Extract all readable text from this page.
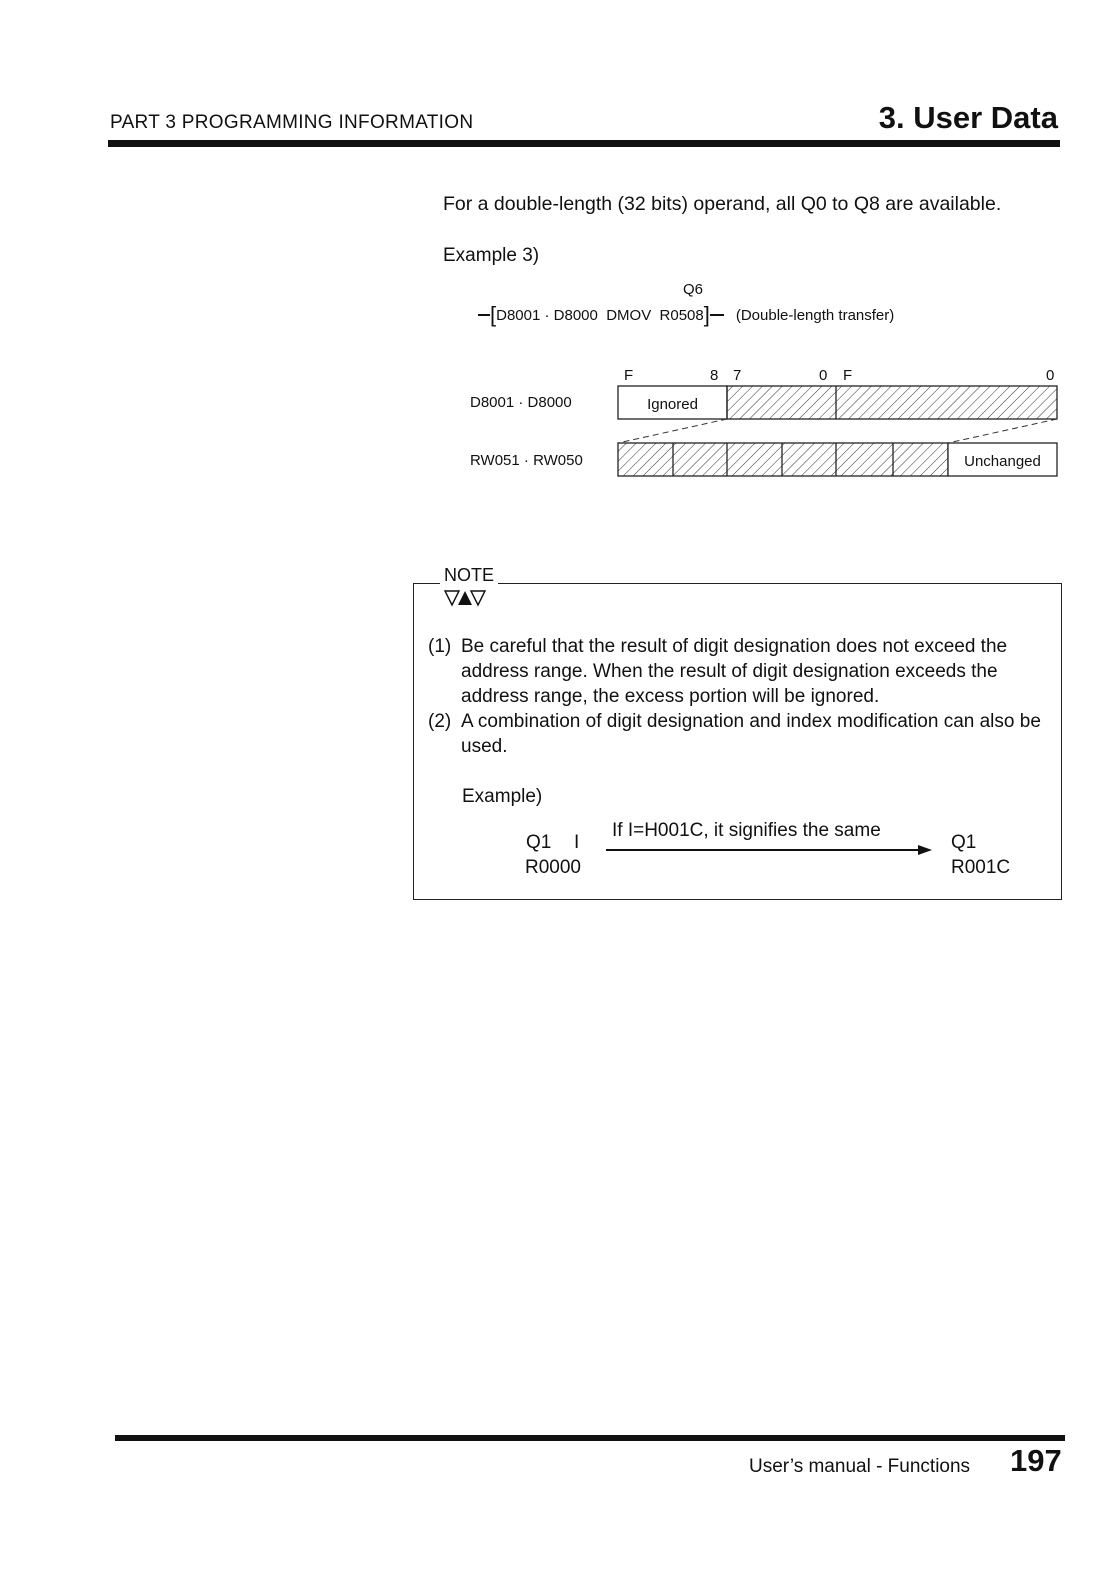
PART 3 PROGRAMMING INFORMATION	3. User Data
For a double-length (32 bits) operand, all Q0 to Q8 are available.
Example 3)
Q6
[ D8001 · D8000  DMOV  R0508 ] (Double-length transfer)
F	8 7	0 F	0
D8001 · D8000
RW051 · RW050
Ignored
Unchanged
NOTE
(1) Be careful that the result of digit designation does not exceed the address range. When the result of digit designation exceeds the address range, the excess portion will be ignored.
(2) A combination of digit designation and index modification can also be used.
Example)
Q1 I
R0000
If I=H001C, it signifies the same
Q1
R001C
User’s manual - Functions 197
